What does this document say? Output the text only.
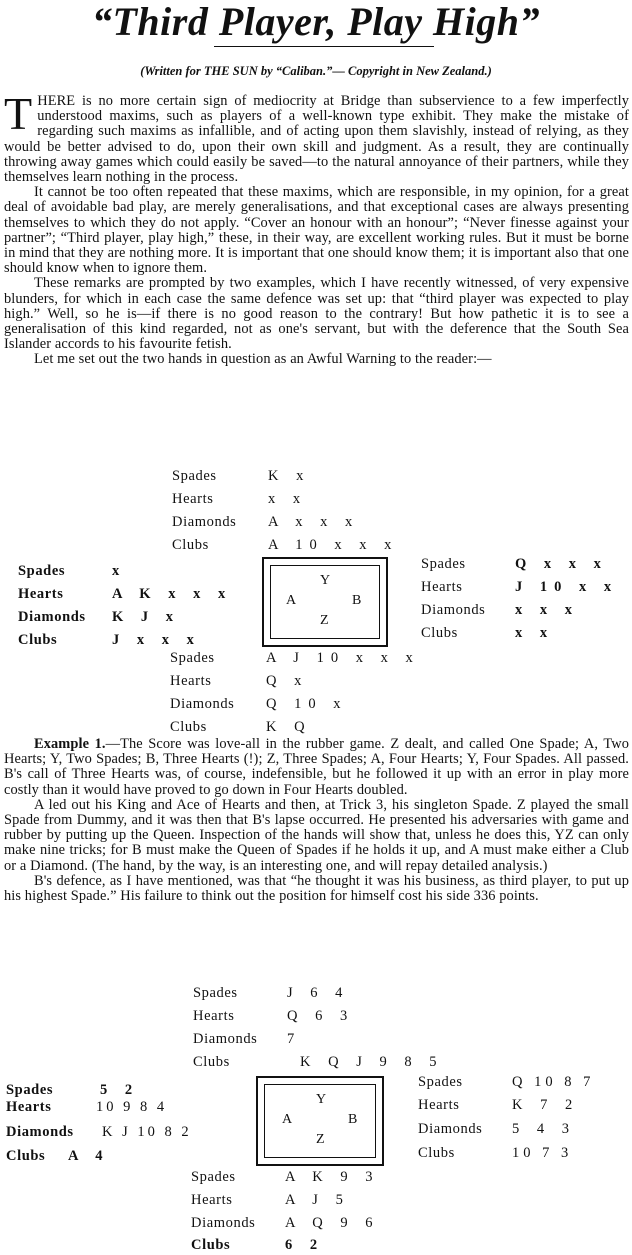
“Third Player, Play High”
(Written for THE SUN by “Caliban.”— Copyright in New Zealand.)

THERE is no more certain sign of mediocrity at Bridge than subservience to a few imperfectly understood maxims, such as players of a well-known type exhibit. They make the mistake of regarding such maxims as infallible, and of acting upon them slavishly, instead of relying, as they would be better advised to do, upon their own skill and judgment. As a result, they are continually throwing away games which could easily be saved—to the natural annoyance of their partners, while they themselves learn nothing in the process.

It cannot be too often repeated that these maxims, which are responsible, in my opinion, for a great deal of avoidable bad play, are merely generalisations, and that exceptional cases are always presenting themselves to which they do not apply. “Cover an honour with an honour”; “Never finesse against your partner”; “Third player, play high,” these, in their way, are excellent working rules. But it must be borne in mind that they are nothing more. It is important that one should know them; it is important also that one should know when to ignore them.

These remarks are prompted by two examples, which I have recently witnessed, of very expensive blunders, for which in each case the same defence was set up: that “third player was expected to play high.” Well, so he is—if there is no good reason to the contrary! But how pathetic it is to see a generalisation of this kind regarded, not as one's servant, but with the deference that the South Sea Islander accords to his favourite fetish.

Let me set out the two hands in question as an Awful Warning to the reader:—

Spades	K x
Hearts	x x
Diamonds A x x x
Clubs	A 10 x x x
Spades	x
Hearts	A K x x x
Diamonds K J x
Clubs	J x x x
Y
A	B
Z
Spades	Q x x x
Hearts	J 10 x x
Diamonds x x x
Clubs	x x
Spades	A J 10 x x x
Hearts	Q x
Diamonds Q 10 x
Clubs	K Q

Example 1.—The Score was love-all in the rubber game. Z dealt, and called One Spade; A, Two Hearts; Y, Two Spades; B, Three Hearts (!); Z, Three Spades; A, Four Hearts; Y, Four Spades. All passed. B's call of Three Hearts was, of course, indefensible, but he followed it up with an error in play more costly than it would have proved to go down in Four Hearts doubled.

A led out his King and Ace of Hearts and then, at Trick 3, his singleton Spade. Z played the small Spade from Dummy, and it was then that B's lapse occurred. He presented his adversaries with game and rubber by putting up the Queen. Inspection of the hands will show that, unless he does this, YZ can only make nine tricks; for B must make the Queen of Spades if he holds it up, and A must make either a Club or a Diamond. (The hand, by the way, is an interesting one, and will repay detailed analysis.)

B's defence, as I have mentioned, was that “he thought it was his business, as third player, to put up his highest Spade.” His failure to think out the position for himself cost his side 336 points.

Spades	J 6 4
Hearts	Q 6 3
Diamonds 7
Clubs	K Q J 9 8 5
Spades	5 2
Hearts	10 9 8 4
Diamonds K J 10 8 2
Clubs A 4
Y
A	B
Z
Spades	Q 10 8 7
Hearts	K 7 2
Diamonds 5 4 3
Clubs	10 7 3
Spades	A K 9 3
Hearts	A J 5
Diamonds A Q 9 6
Clubs	6 2
